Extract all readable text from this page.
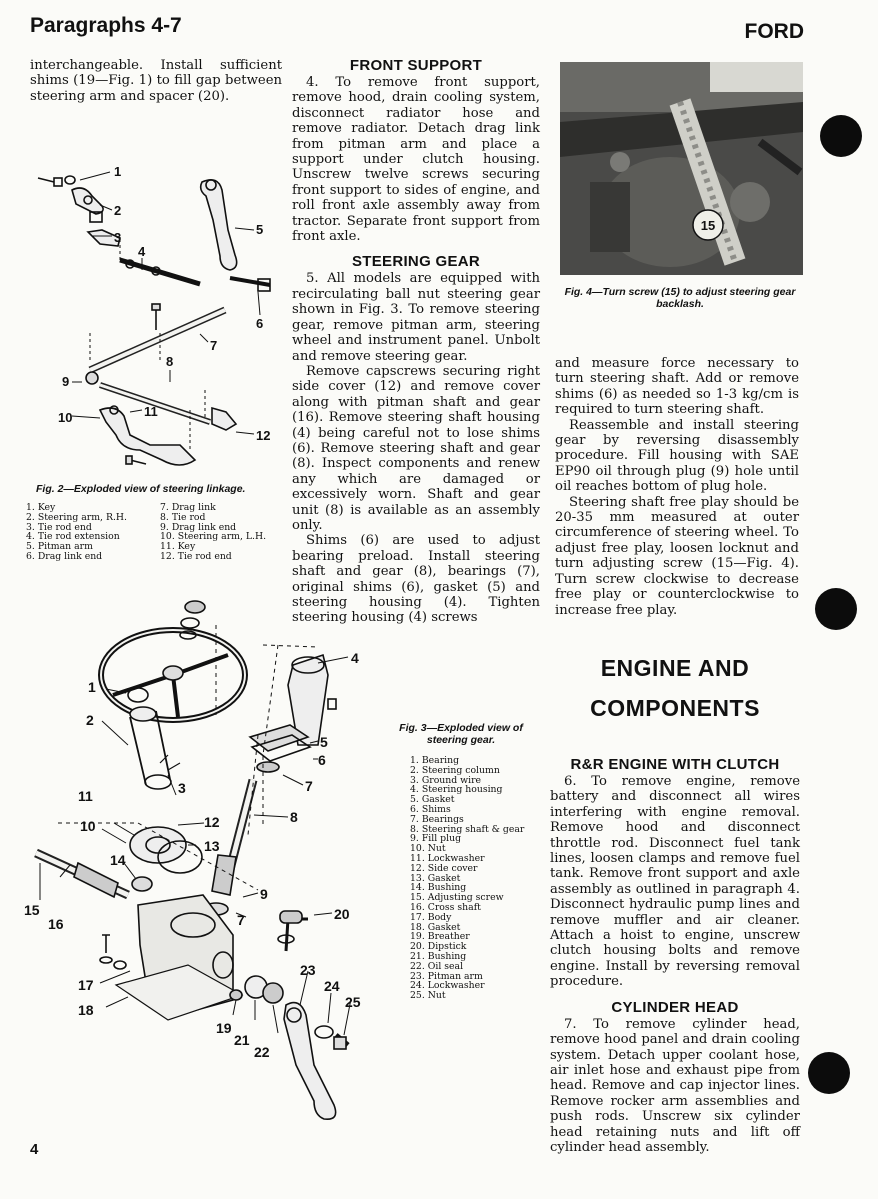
Paragraphs 4-7	FORD

interchangeable. Install sufficient shims (19—Fig. 1) to fill gap between steering arm and spacer (20).

1
2
3
4
5
6
7
8
9
10	11
12
Fig. 2—Exploded view of steering linkage.
1. Key
2. Steering arm, R.H.
3. Tie rod end
4. Tie rod extension
5. Pitman arm
6. Drag link end
7. Drag link
8. Tie rod
9. Drag link end
10. Steering arm, L.H.
11. Key
12. Tie rod end
FRONT SUPPORT

4. To remove front support, remove hood, drain cooling system, disconnect radiator hose and remove radiator. Detach drag link from pitman arm and place a support under clutch housing. Unscrew twelve screws securing front support to sides of engine, and roll front axle assembly away from tractor. Separate front support from front axle.

STEERING GEAR

5. All models are equipped with recirculating ball nut steering gear shown in Fig. 3. To remove steering gear, remove pitman arm, steering wheel and instrument panel. Unbolt and remove steering gear.

Remove capscrews securing right side cover (12) and remove cover along with pitman shaft and gear (16). Remove steering shaft housing (4) being careful not to lose shims (6). Remove steering shaft and gear (8). Inspect components and renew any which are damaged or excessively worn. Shaft and gear unit (8) is available as an assembly only.

Shims (6) are used to adjust bearing preload. Install steering shaft and gear (8), bearings (7), original shims (6), gasket (5) and steering housing (4). Tighten steering housing (4) screws

15
Fig. 4—Turn screw (15) to adjust steering gear backlash.

and measure force necessary to turn steering shaft. Add or remove shims (6) as needed so 1-3 kg/cm is required to turn steering shaft.

Reassemble and install steering gear by reversing disassembly procedure. Fill housing with SAE EP90 oil through plug (9) hole until oil reaches bottom of plug hole.

Steering shaft free play should be 20-35 mm measured at outer circumference of steering wheel. To adjust free play, loosen locknut and turn adjusting screw (15—Fig. 4). Turn screw clockwise to decrease free play or counterclockwise to increase free play.

ENGINE AND
COMPONENTS
R&R ENGINE WITH CLUTCH

6. To remove engine, remove battery and disconnect all wires interfering with engine removal. Remove hood and disconnect throttle rod. Disconnect fuel tank lines, loosen clamps and remove fuel tank. Remove front support and axle assembly as outlined in paragraph 4. Disconnect hydraulic pump lines and remove muffler and air cleaner. Attach a hoist to engine, unscrew clutch housing bolts and remove engine. Install by reversing removal procedure.

CYLINDER HEAD

7. To remove cylinder head, remove hood panel and drain cooling system. Detach upper coolant hose, air inlet hose and exhaust pipe from head. Remove and cap injector lines. Remove rocker arm assemblies and push rods. Unscrew six cylinder head retaining nuts and lift off cylinder head assembly.

1
2
3
4
5
6
7
7
8
9
10
11
12
13
14
15
16
17
18
19
20
21
22
23
24
25
Fig. 3—Exploded view of
steering gear.
1. Bearing
2. Steering column
3. Ground wire
4. Steering housing
5. Gasket
6. Shims
7. Bearings
8. Steering shaft & gear
9. Fill plug
10. Nut
11. Lockwasher
12. Side cover
13. Gasket
14. Bushing
15. Adjusting screw
16. Cross shaft
17. Body
18. Gasket
19. Breather
20. Dipstick
21. Bushing
22. Oil seal
23. Pitman arm
24. Lockwasher
25. Nut
4
